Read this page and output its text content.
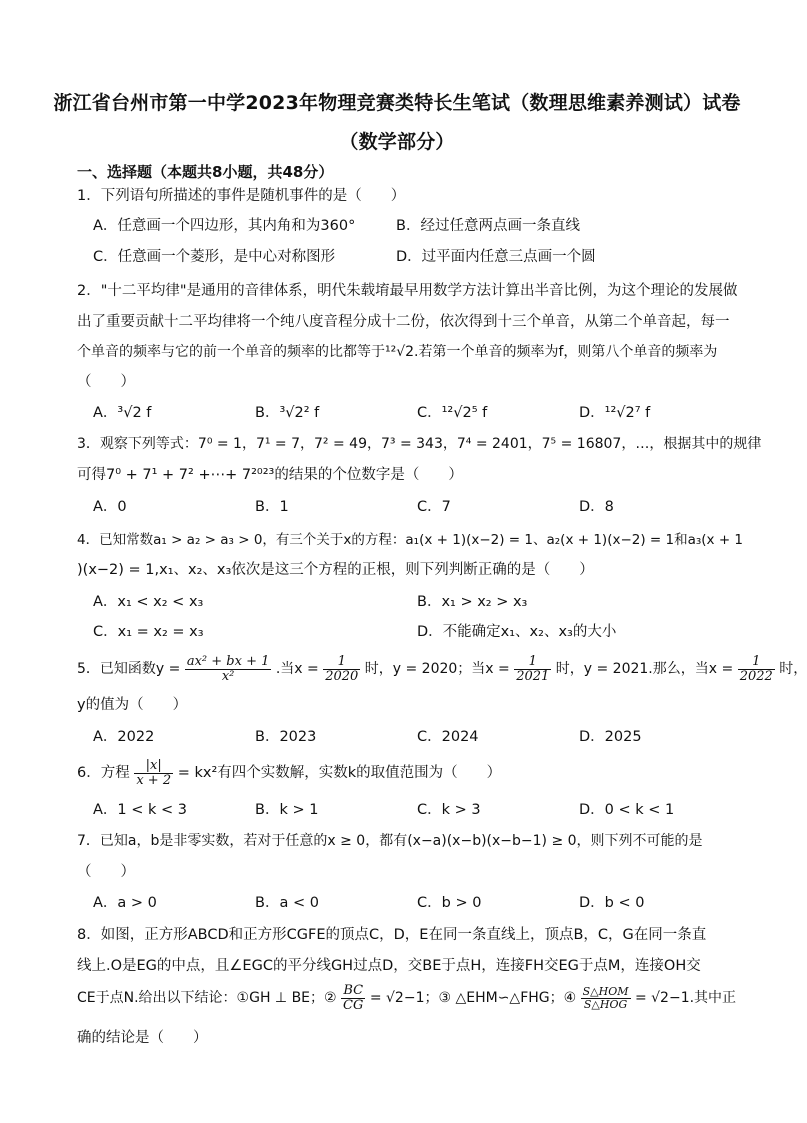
浙江省台州市第一中学2023年物理竞赛类特长生笔试（数理思维素养测试）试卷
（数学部分）
一、选择题（本题共8小题，共48分）
1．下列语句所描述的事件是随机事件的是（　　）
A．任意画一个四边形，其内角和为360°	B．经过任意两点画一条直线
C．任意画一个菱形，是中心对称图形	D．过平面内任意三点画一个圆
2．"十二平均律"是通用的音律体系，明代朱载堉最早用数学方法计算出半音比例，为这个理论的发展做
出了重要贡献十二平均律将一个纯八度音程分成十二份，依次得到十三个单音，从第二个单音起，每一
个单音的频率与它的前一个单音的频率的比都等于¹²√2.若第一个单音的频率为f，则第八个单音的频率为
（　　）
A．³√2 f	B．³√2² f	C．¹²√2⁵ f	D．¹²√2⁷ f
3．观察下列等式：7⁰ = 1，7¹ = 7，7² = 49，7³ = 343，7⁴ = 2401，7⁵ = 16807，…，根据其中的规律
可得7⁰ + 7¹ + 7² +⋯+ 7²⁰²³的结果的个位数字是（　　）
A．0	B．1	C．7	D．8
4．已知常数a₁ > a₂ > a₃ > 0，有三个关于x的方程：a₁(x + 1)(x−2) = 1、a₂(x + 1)(x−2) = 1和a₃(x + 1
)(x−2) = 1,x₁、x₂、x₃依次是这三个方程的正根，则下列判断正确的是（　　）
A．x₁ < x₂ < x₃	B．x₁ > x₂ > x₃
C．x₁ = x₂ = x₃	D．不能确定x₁、x₂、x₃的大小
5．已知函数$y = \frac{\text{ax² + bx + 1}}{\text{x²}}$ .当$x = \frac{1}{2020}$ 时，y = 2020；当$x = \frac{1}{2021}$ 时，y = 2021.那么，当$x = \frac{1}{2022}$ 时，
y的值为（　　）
A．2022	B．2023	C．2024	D．2025
6．方程 $\frac{|x|}{x + 2} = kx^2$有四个实数解，实数k的取值范围为（　　）
A．1 < k < 3	B．k > 1	C．k > 3	D．0 < k < 1
7．已知a，b是非零实数，若对于任意的x ≥ 0，都有(x−a)(x−b)(x−b−1) ≥ 0，则下列不可能的是
（　　）
A．a > 0	B．a < 0	C．b > 0	D．b < 0
8．如图，正方形ABCD和正方形CGFE的顶点C，D，E在同一条直线上，顶点B，C，G在同一条直
线上.O是EG的中点，且∠EGC的平分线GH过点D，交BE于点H，连接FH交EG于点M，连接OH交
CE于点N.给出以下结论：①GH ⊥ BE；② $\frac{BC}{CG} = √2-1$；③ △EHM∽△FHG；④ $\frac{\text{S△HOM}}{\text{S△HOG}} = √2-1$.其中正
确的结论是（　　）
